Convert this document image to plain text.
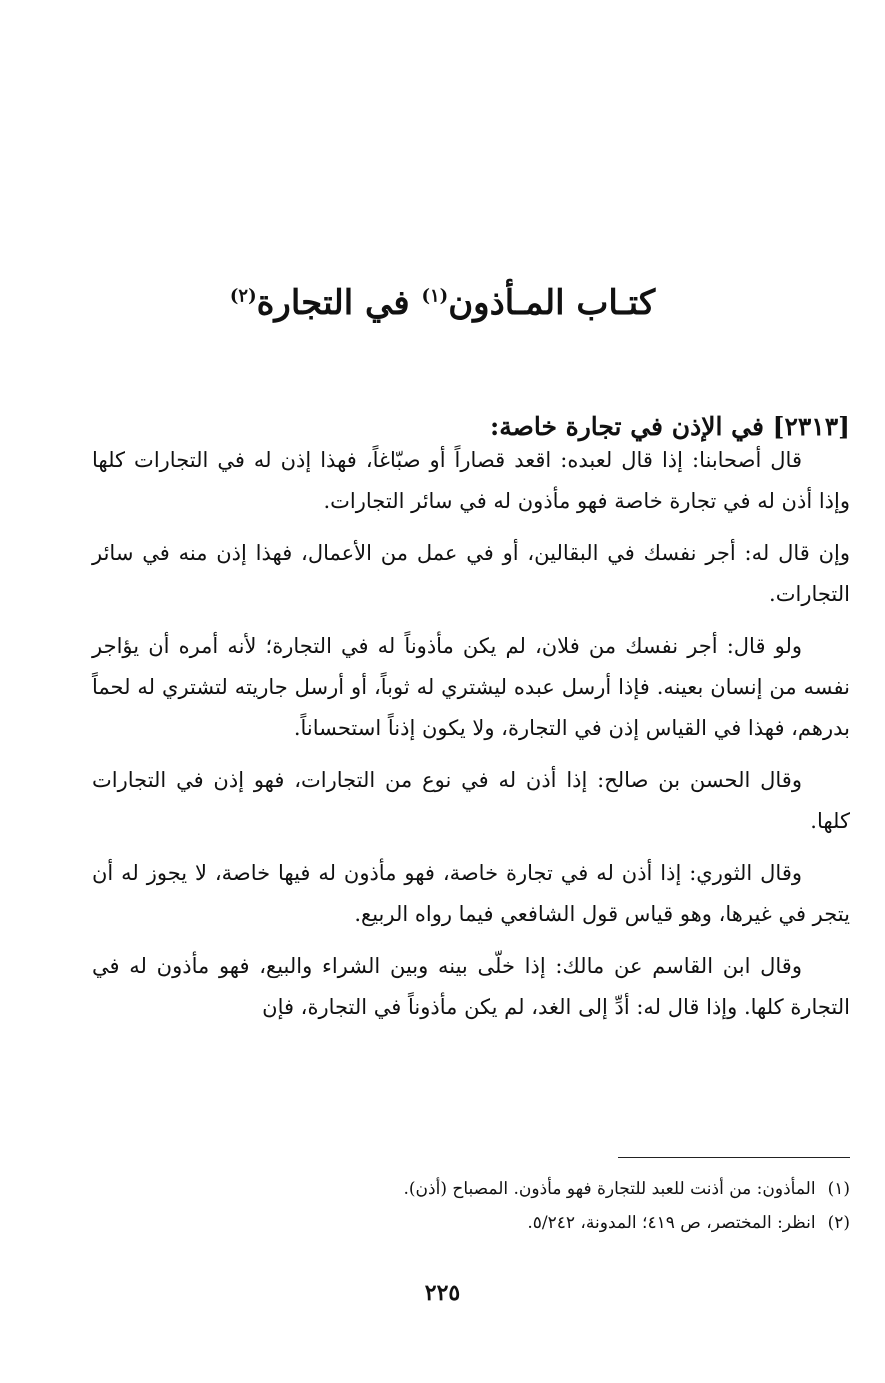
كتـاب المـأذون$^{(١)}$ في التجارة$^{(٢)}$
[٢٣١٣] في الإذن في تجارة خاصة:

قال أصحابنا: إذا قال لعبده: اقعد قصاراً أو صبّاغاً، فهذا إذن له في التجارات كلها وإذا أذن له في تجارة خاصة فهو مأذون له في سائر التجارات.

وإن قال له: أجر نفسك في البقالين، أو في عمل من الأعمال، فهذا إذن منه في سائر التجارات.

ولو قال: أجر نفسك من فلان، لم يكن مأذوناً له في التجارة؛ لأنه أمره أن يؤاجر نفسه من إنسان بعينه. فإذا أرسل عبده ليشتري له ثوباً، أو أرسل جاريته لتشتري له لحماً بدرهم، فهذا في القياس إذن في التجارة، ولا يكون إذناً استحساناً.

وقال الحسن بن صالح: إذا أذن له في نوع من التجارات، فهو إذن في التجارات كلها.

وقال الثوري: إذا أذن له في تجارة خاصة، فهو مأذون له فيها خاصة، لا يجوز له أن يتجر في غيرها، وهو قياس قول الشافعي فيما رواه الربيع.

وقال ابن القاسم عن مالك: إذا خلّى بينه وبين الشراء والبيع، فهو مأذون له في التجارة كلها. وإذا قال له: أدِّ إلى الغد، لم يكن مأذوناً في التجارة، فإن

(١)المأذون: من أذنت للعبد للتجارة فهو مأذون. المصباح (أذن).
(٢)انظر: المختصر، ص ٤١٩؛ المدونة، ٥/٢٤٢.
٢٢٥
